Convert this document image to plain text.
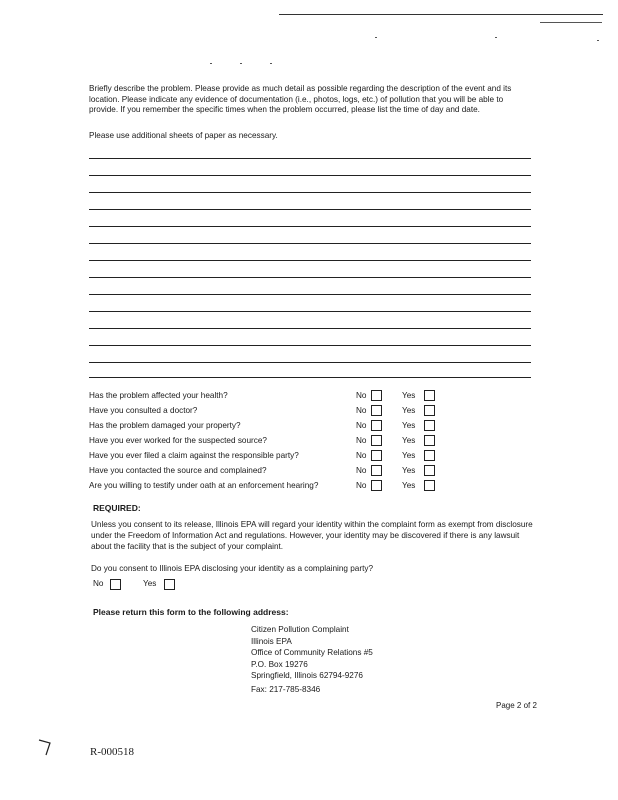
Briefly describe the problem. Please provide as much detail as possible regarding the description of the event and its location. Please indicate any evidence of documentation (i.e., photos, logs, etc.) of pollution that you will be able to provide. If you remember the specific times when the problem occurred, please list the time of day and date.
Please use additional sheets of paper as necessary.
Has the problem affected your health?	No	Yes
Have you consulted a doctor?	No	Yes
Has the problem damaged your property?	No	Yes
Have you ever worked for the suspected source?	No	Yes
Have you ever filed a claim against the responsible party?	No	Yes
Have you contacted the source and complained?	No	Yes
Are you willing to testify under oath at an enforcement hearing?	No	Yes
REQUIRED:
Unless you consent to its release, Illinois EPA will regard your identity within the complaint form as exempt from disclosure under the Freedom of Information Act and regulations. However, your identity may be discovered if there is any lawsuit about the facility that is the subject of your complaint.
Do you consent to Illinois EPA disclosing your identity as a complaining party?
No	Yes
Please return this form to the following address:
Citizen Pollution Complaint
Illinois EPA
Office of Community Relations #5
P.O. Box 19276
Springfield, Illinois 62794-9276
Fax: 217-785-8346
Page 2 of 2
R-000518
